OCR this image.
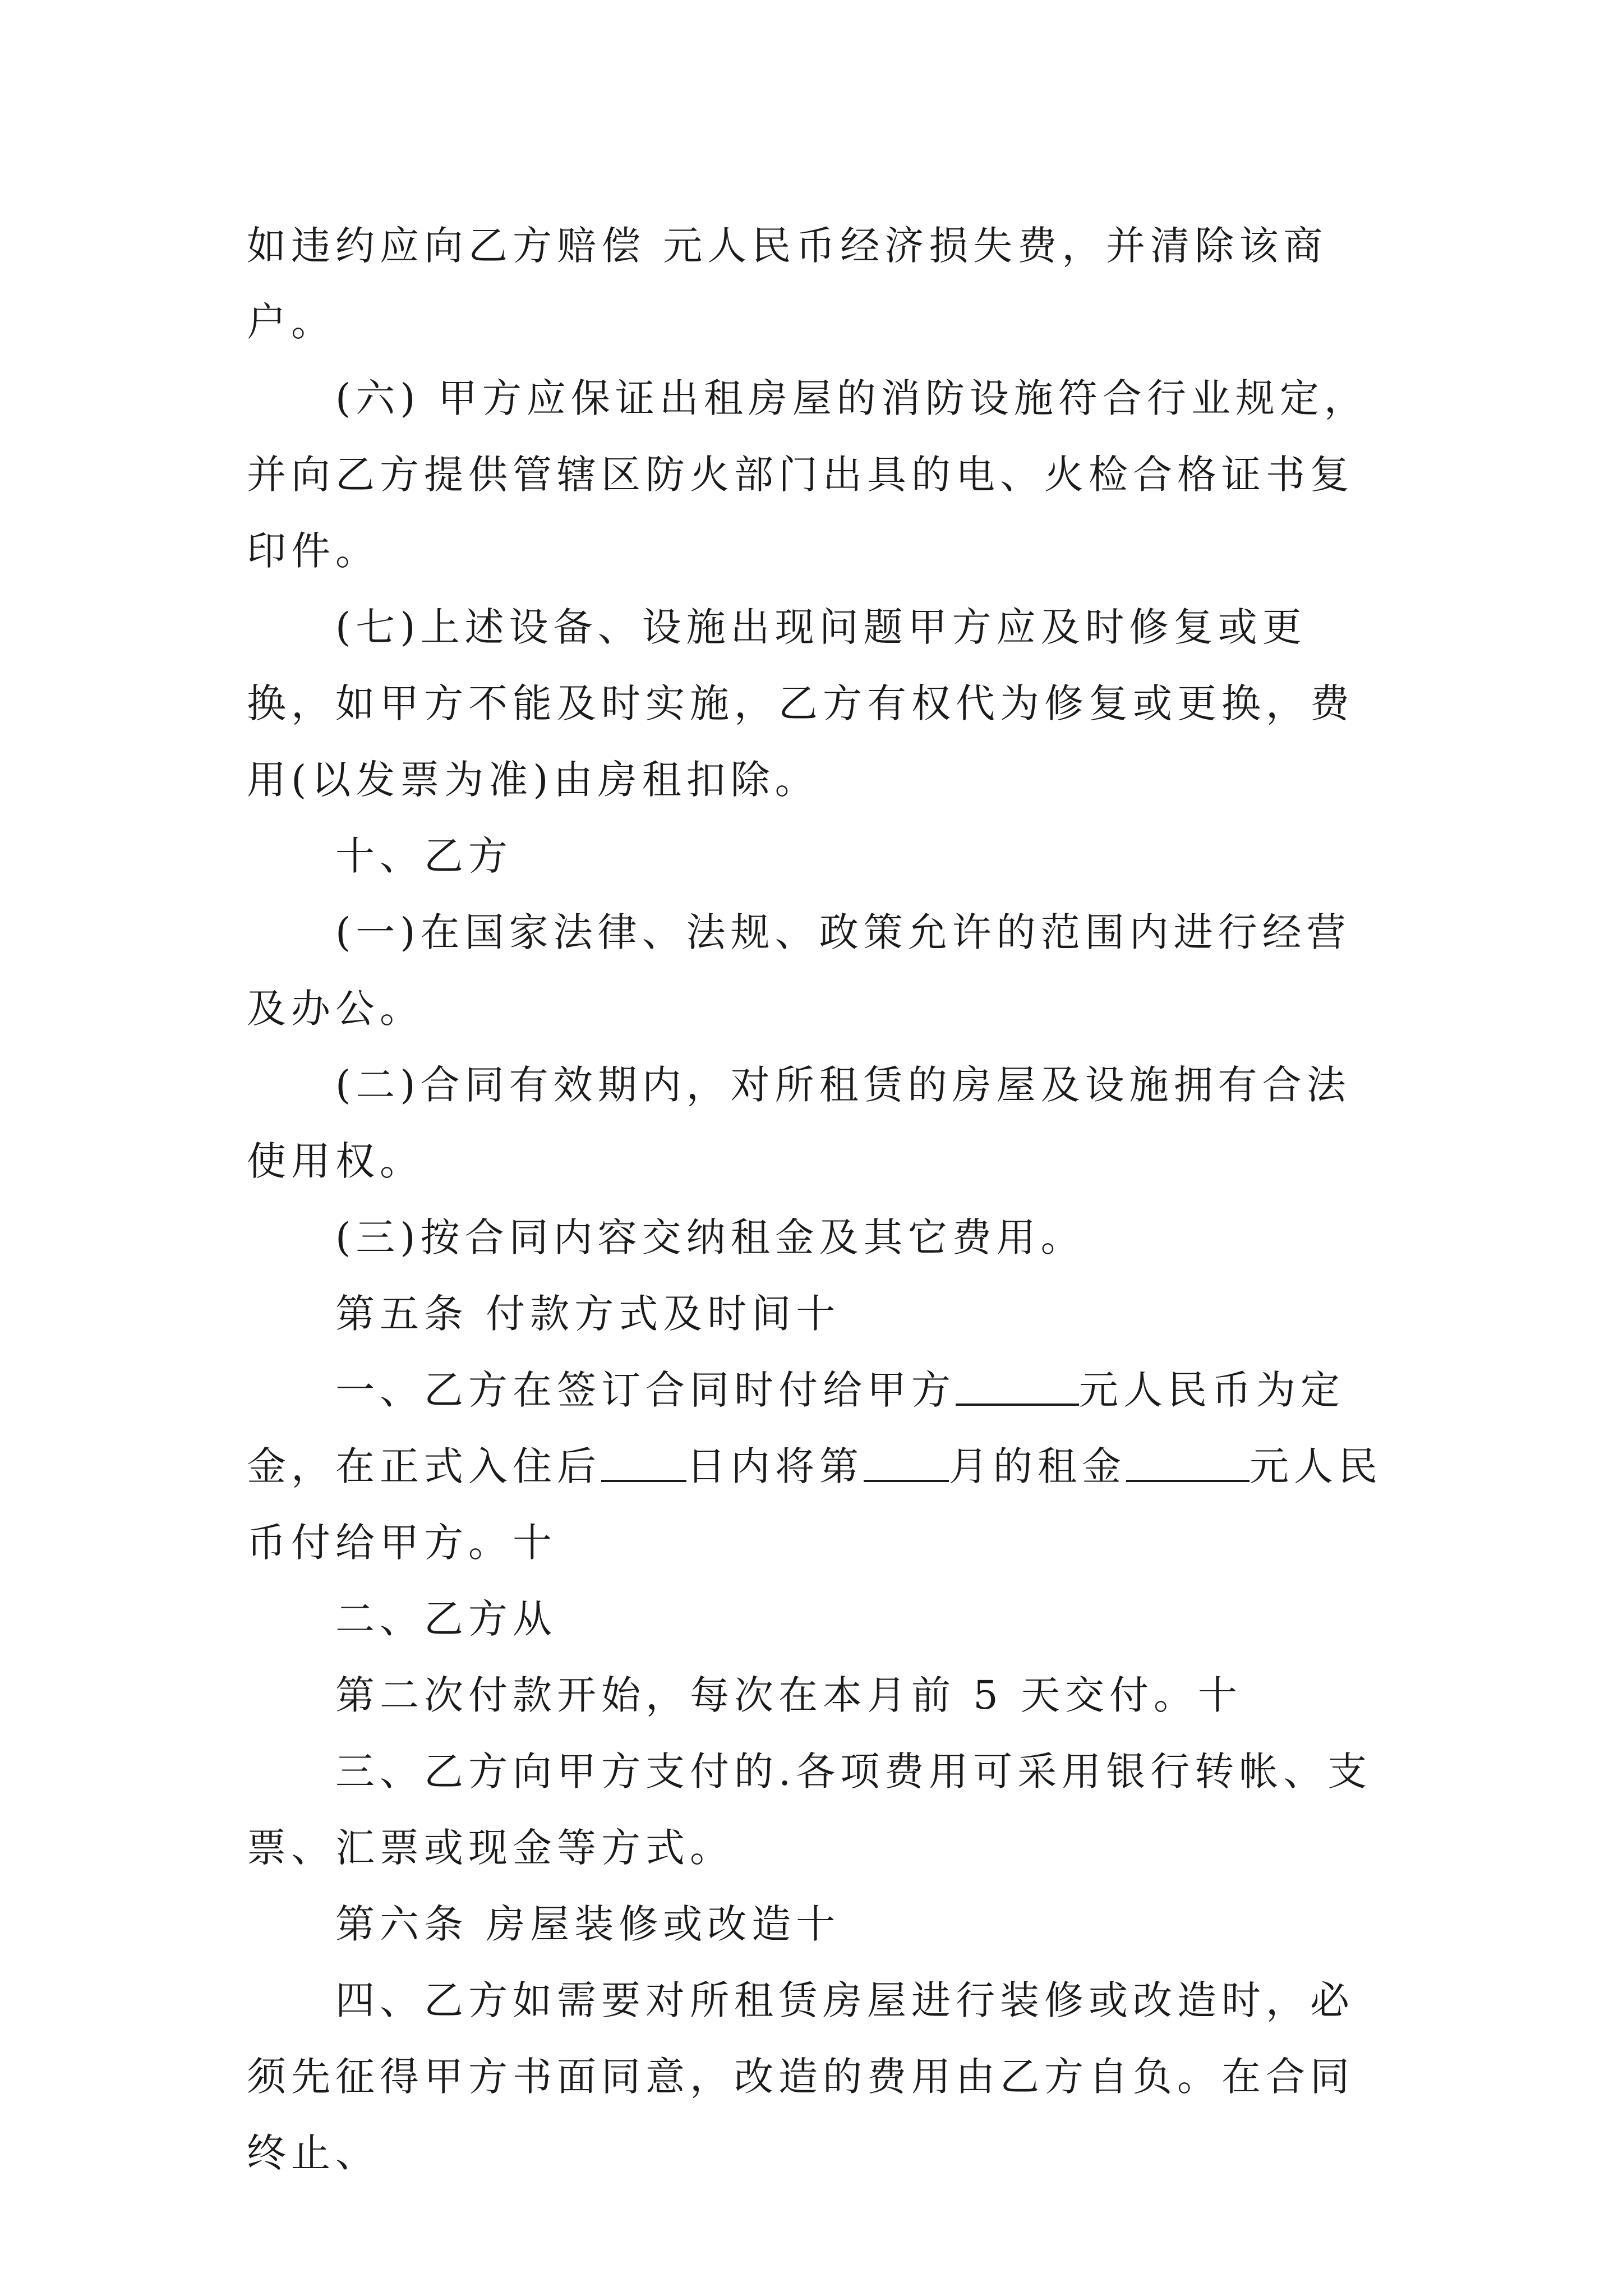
如违约应向乙方赔偿 元人民币经济损失费，并清除该商户。

(六) 甲方应保证出租房屋的消防设施符合行业规定，并向乙方提供管辖区防火部门出具的电、火检合格证书复印件。

(七)上述设备、设施出现问题甲方应及时修复或更换，如甲方不能及时实施，乙方有权代为修复或更换，费用(以发票为准)由房租扣除。

十、乙方

(一)在国家法律、法规、政策允许的范围内进行经营及办公。

(二)合同有效期内，对所租赁的房屋及设施拥有合法使用权。

(三)按合同内容交纳租金及其它费用。

第五条 付款方式及时间十

一、乙方在签订合同时付给甲方	元人民币为定金，在正式入住后 日内将第 月的租金	元人民币付给甲方。十

二、乙方从

第二次付款开始，每次在本月前 5 天交付。十

三、乙方向甲方支付的.各项费用可采用银行转帐、支票、汇票或现金等方式。

第六条 房屋装修或改造十

四、乙方如需要对所租赁房屋进行装修或改造时，必须先征得甲方书面同意，改造的费用由乙方自负。在合同终止、
